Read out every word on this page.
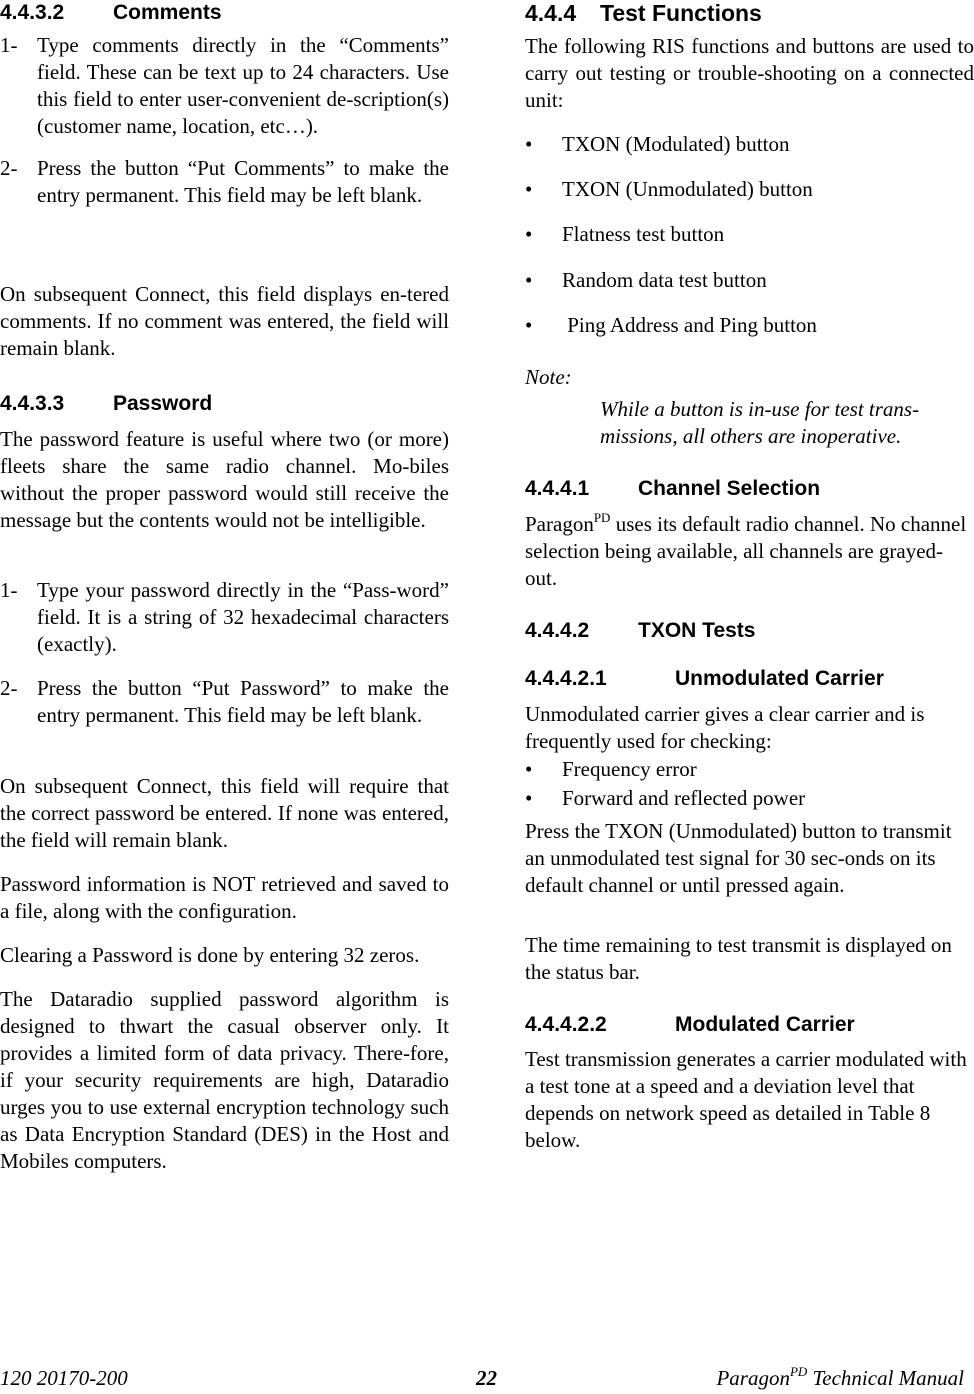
4.4.3.2	Comments
1- Type comments directly in the “Comments” field. These can be text up to 24 characters. Use this field to enter user-convenient de-scription(s) (customer name, location, etc…).
2- Press the button “Put Comments” to make the entry permanent. This field may be left blank.

On subsequent Connect, this field displays en-tered comments. If no comment was entered, the field will remain blank.

4.4.3.3	Password

The password feature is useful where two (or more) fleets share the same radio channel. Mo-biles without the proper password would still receive the message but the contents would not be intelligible.

1- Type your password directly in the “Pass-word” field. It is a string of 32 hexadecimal characters (exactly).
2- Press the button “Put Password” to make the entry permanent. This field may be left blank.

On subsequent Connect, this field will require that the correct password be entered. If none was entered, the field will remain blank.

Password information is NOT retrieved and saved to a file, along with the configuration.

Clearing a Password is done by entering 32 zeros.

The Dataradio supplied password algorithm is designed to thwart the casual observer only. It provides a limited form of data privacy. There-fore, if your security requirements are high, Dataradio urges you to use external encryption technology such as Data Encryption Standard (DES) in the Host and Mobiles computers.

4.4.4	Test Functions

The following RIS functions and buttons are used to carry out testing or trouble-shooting on a connected unit:

•	TXON (Modulated) button
•	TXON (Unmodulated) button
•	Flatness test button
•	Random data test button
•	Ping Address and Ping button
Note:

While a button is in-use for test trans-missions, all others are inoperative.

4.4.4.1	Channel Selection

Paragon$^{PD}$ uses its default radio channel. No channel selection being available, all channels are grayed-out.

4.4.4.2	TXON Tests
4.4.4.2.1	Unmodulated Carrier

Unmodulated carrier gives a clear carrier and is frequently used for checking:

•	Frequency error
•	Forward and reflected power

Press the TXON (Unmodulated) button to transmit an unmodulated test signal for 30 sec-onds on its default channel or until pressed again.

The time remaining to test transmit is displayed on the status bar.

4.4.4.2.2	Modulated Carrier

Test transmission generates a carrier modulated with a test tone at a speed and a deviation level that depends on network speed as detailed in Table 8 below.

120 20170-200	22	Paragon$^{PD}$ Technical Manual
